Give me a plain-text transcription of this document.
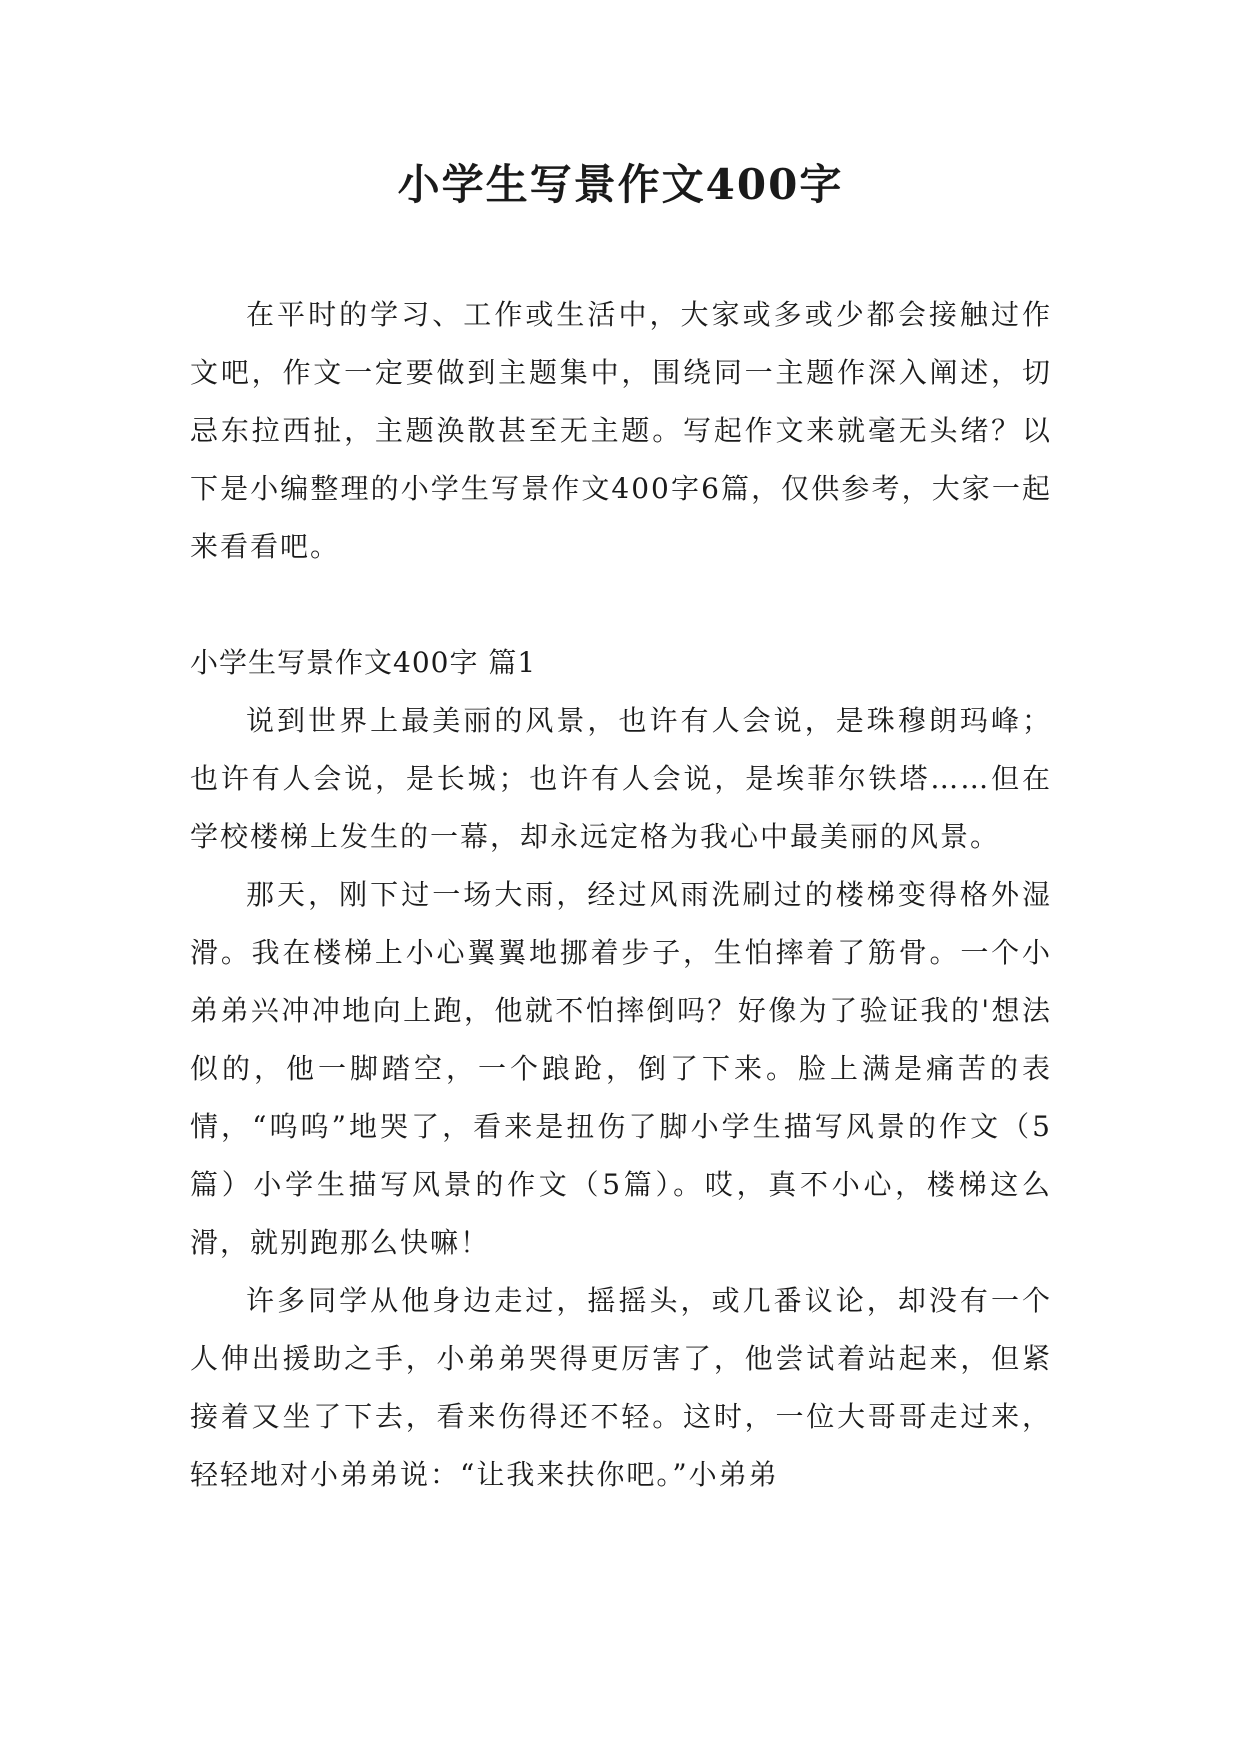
小学生写景作文400字

在平时的学习、工作或生活中，大家或多或少都会接触过作文吧，作文一定要做到主题集中，围绕同一主题作深入阐述，切忌东拉西扯，主题涣散甚至无主题。写起作文来就毫无头绪？以下是小编整理的小学生写景作文400字6篇，仅供参考，大家一起来看看吧。

小学生写景作文400字 篇1

说到世界上最美丽的风景，也许有人会说，是珠穆朗玛峰；也许有人会说，是长城；也许有人会说，是埃菲尔铁塔……但在学校楼梯上发生的一幕，却永远定格为我心中最美丽的风景。

那天，刚下过一场大雨，经过风雨洗刷过的楼梯变得格外湿滑。我在楼梯上小心翼翼地挪着步子，生怕摔着了筋骨。一个小弟弟兴冲冲地向上跑，他就不怕摔倒吗？好像为了验证我的'想法似的，他一脚踏空，一个踉跄，倒了下来。脸上满是痛苦的表情，“呜呜”地哭了，看来是扭伤了脚小学生描写风景的作文（5篇）小学生描写风景的作文（5篇）。哎，真不小心，楼梯这么滑，就别跑那么快嘛！

许多同学从他身边走过，摇摇头，或几番议论，却没有一个人伸出援助之手，小弟弟哭得更厉害了，他尝试着站起来，但紧接着又坐了下去，看来伤得还不轻。这时，一位大哥哥走过来，轻轻地对小弟弟说：“让我来扶你吧。”小弟弟
